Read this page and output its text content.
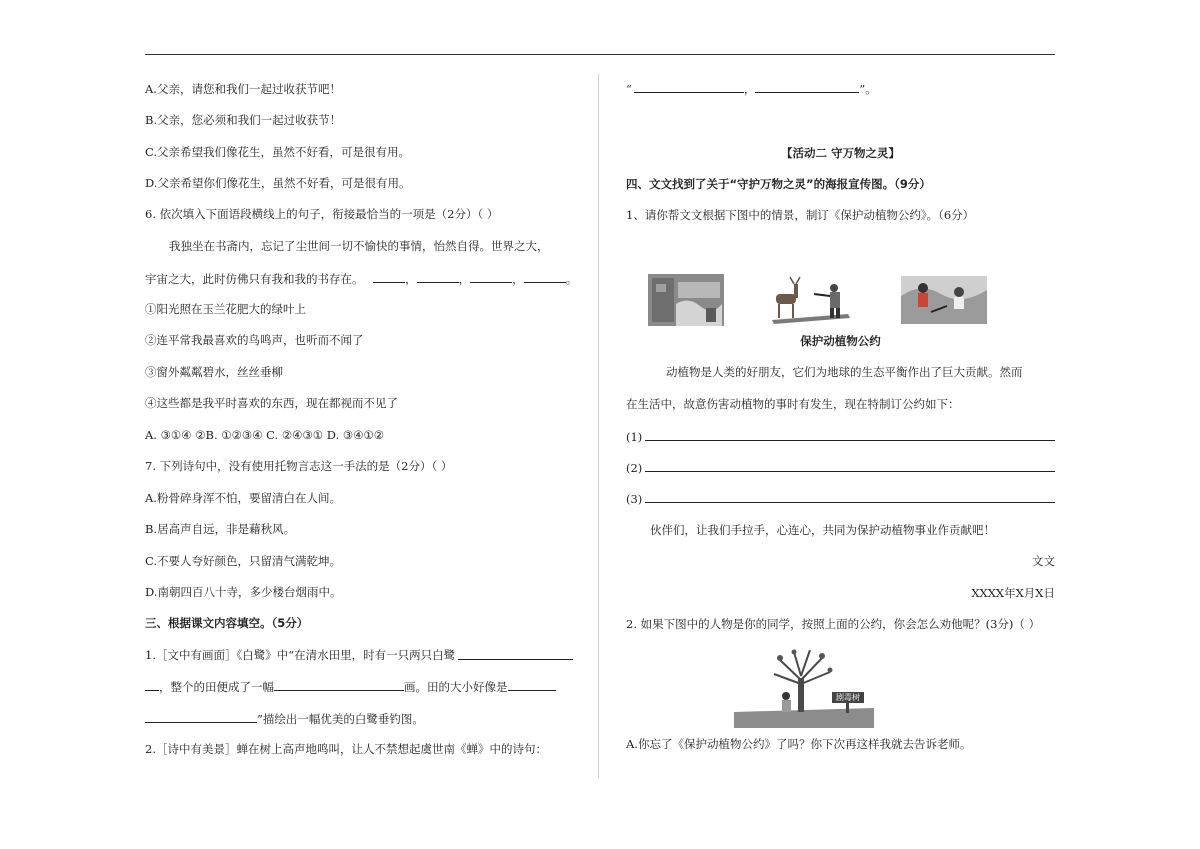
A.父亲，请您和我们一起过收获节吧！
B.父亲，您必须和我们一起过收获节！
C.父亲希望我们像花生，虽然不好看，可是很有用。
D.父亲希望你们像花生，虽然不好看，可是很有用。
6. 依次填入下面语段横线上的句子，衔接最恰当的一项是（2分）（ ）
我独坐在书斋内，忘记了尘世间一切不愉快的事情，怡然自得。世界之大，
宇宙之大，此时仿佛只有我和我的书存在。	，	，	，	。
①阳光照在玉兰花肥大的绿叶上
②连平常我最喜欢的鸟鸣声，也听而不闻了
③窗外粼粼碧水，丝丝垂柳
④这些都是我平时喜欢的东西，现在都视而不见了
A. ③①④ ②B. ①②③④ C. ②④③① D. ③④①②
7. 下列诗句中，没有使用托物言志这一手法的是（2分）（ ）
A.粉骨碎身浑不怕，要留清白在人间。
B.居高声自远，非是藉秋风。
C.不要人夸好颜色，只留清气满乾坤。
D.南朝四百八十寺，多少楼台烟雨中。
三、根据课文内容填空。（5分）
1.［文中有画面］《白鹭》中“在清水田里，时有一只两只白鹭
，整个的田便成了一幅	画。田的大小好像是
”描绘出一幅优美的白鹭垂钓图。
2.［诗中有美景］蝉在树上高声地鸣叫，让人不禁想起虞世南《蝉》中的诗句：
“	，	”。
【活动二 守万物之灵】
四、文文找到了关于“守护万物之灵”的海报宣传图。（9分）
1、请你帮文文根据下图中的情景，制订《保护动植物公约》。（6分）
保护动植物公约
动植物是人类的好朋友，它们为地球的生态平衡作出了巨大贡献。然而
在生活中，故意伤害动植物的事时有发生，现在特制订公约如下：
(1)
(2)
(3)
伙伴们，让我们手拉手，心连心，共同为保护动植物事业作贡献吧！
文文
XXXX年X月X日
2. 如果下图中的人物是你的同学，按照上面的公约，你会怎么劝他呢？(3分)（ ）
剧毒树
A.你忘了《保护动植物公约》了吗？你下次再这样我就去告诉老师。
